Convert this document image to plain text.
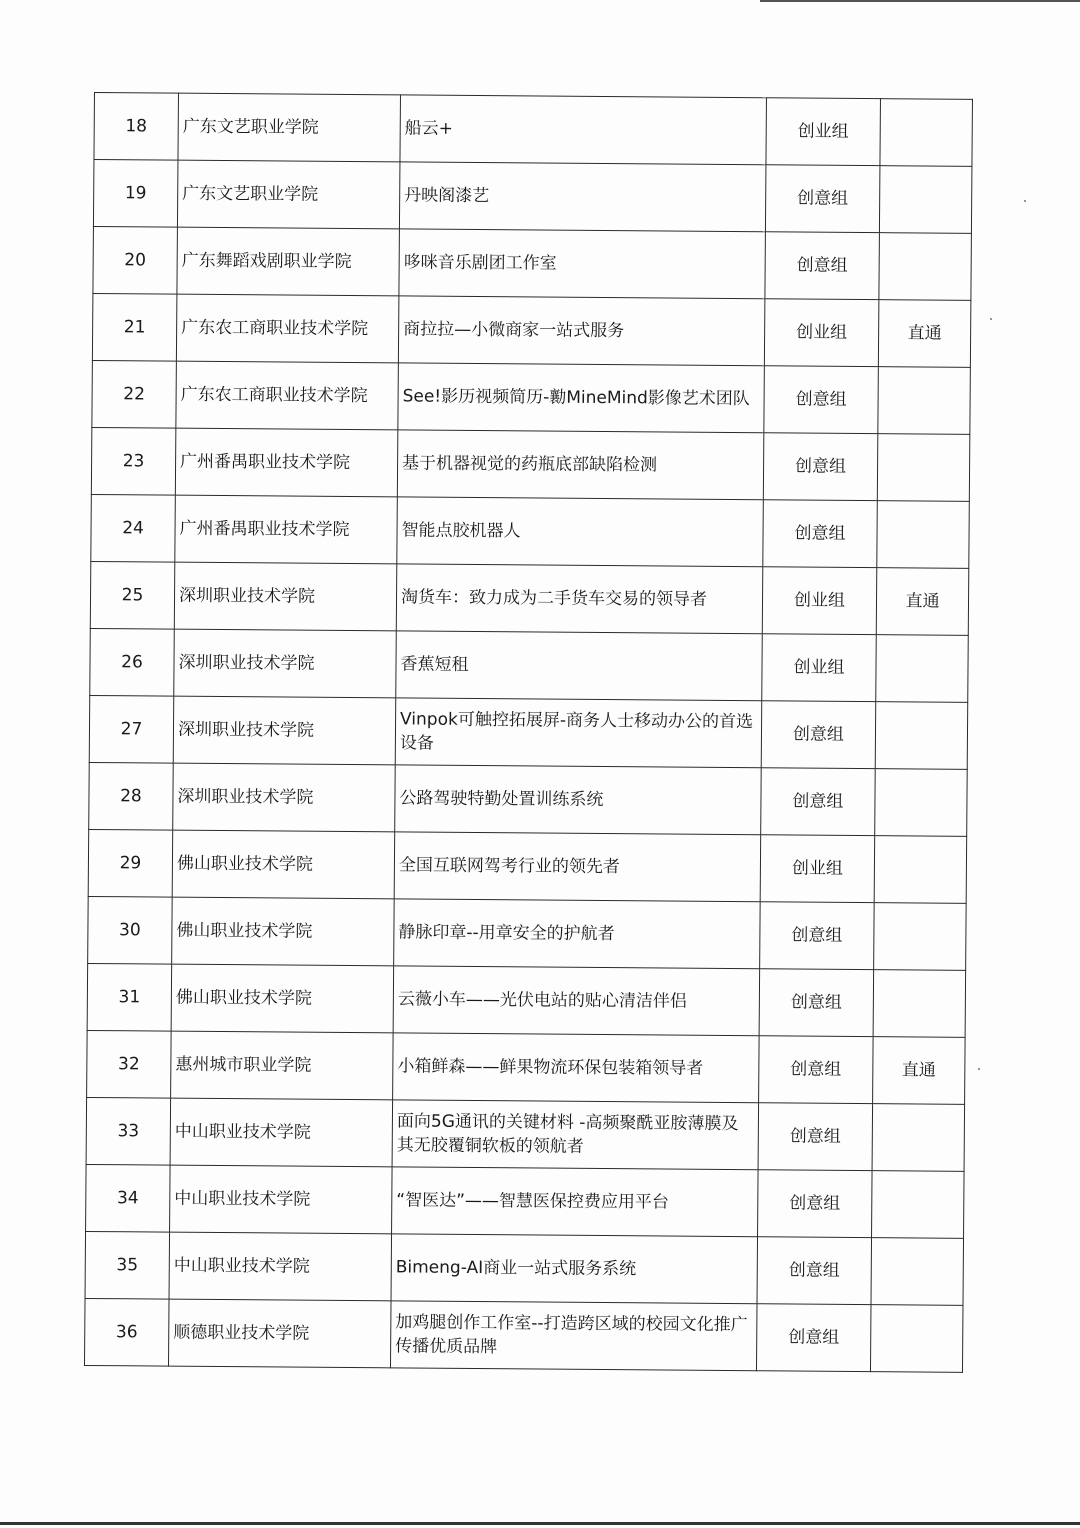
18	广东文艺职业学院	船云+	创业组	
19	广东文艺职业学院	丹映阁漆艺	创意组	
20	广东舞蹈戏剧职业学院	哆咪音乐剧团工作室	创意组	
21	广东农工商职业技术学院	商拉拉—小微商家一站式服务	创业组	直通
22	广东农工商职业技术学院	See!影历视频简历-勷MineMind影像艺术团队	创意组	
23	广州番禺职业技术学院	基于机器视觉的药瓶底部缺陷检测	创意组	
24	广州番禺职业技术学院	智能点胶机器人	创意组	
25	深圳职业技术学院	淘货车：致力成为二手货车交易的领导者	创业组	直通
26	深圳职业技术学院	香蕉短租	创业组	
27	深圳职业技术学院	Vinpok可触控拓展屏-商务人士移动办公的首选设备	创意组	
28	深圳职业技术学院	公路驾驶特勤处置训练系统	创意组	
29	佛山职业技术学院	全国互联网驾考行业的领先者	创业组	
30	佛山职业技术学院	静脉印章--用章安全的护航者	创意组	
31	佛山职业技术学院	云薇小车——光伏电站的贴心清洁伴侣	创意组	
32	惠州城市职业学院	小箱鲜森——鲜果物流环保包装箱领导者	创意组	直通
33	中山职业技术学院	面向5G通讯的关键材料 -高频聚酰亚胺薄膜及其无胶覆铜软板的领航者	创意组	
34	中山职业技术学院	“智医达”——智慧医保控费应用平台	创意组	
35	中山职业技术学院	Bimeng-AI商业一站式服务系统	创意组	
36	顺德职业技术学院	加鸡腿创作工作室--打造跨区域的校园文化推广传播优质品牌	创意组	
